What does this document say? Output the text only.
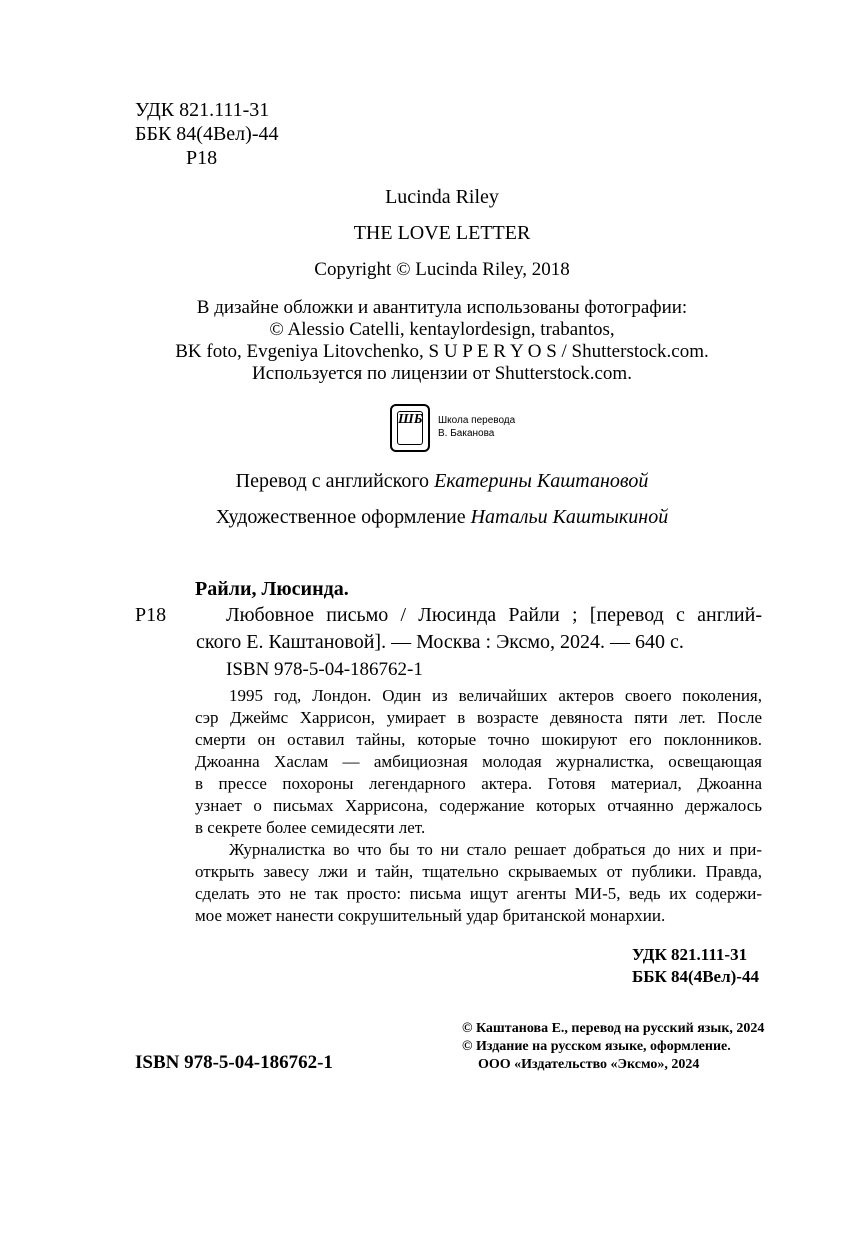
УДК 821.111-31
ББК 84(4Вел)-44
Р18
Lucinda Riley
THE LOVE LETTER
Copyright © Lucinda Riley, 2018
В дизайне обложки и авантитула использованы фотографии:
© Alessio Catelli, kentaylordesign, trabantos,
BK foto, Evgeniya Litovchenko, S U P E R Y O S / Shutterstock.com.
Используется по лицензии от Shutterstock.com.
ШБ Школа перевода
В. Баканова
Перевод с английского Екатерины Каштановой
Художественное оформление Натальи Каштыкиной
Райли, Люсинда.
Р18	Любовное письмо / Люсинда Райли ; [перевод с англий-
ского Е. Каштановой]. — Москва : Эксмо, 2024. — 640 с.
ISBN 978-5-04-186762-1
1995 год, Лондон. Один из величайших актеров своего поколения,
сэр Джеймс Харрисон, умирает в возрасте девяноста пяти лет. После
смерти он оставил тайны, которые точно шокируют его поклонников.
Джоанна Хаслам — амбициозная молодая журналистка, освещающая
в прессе похороны легендарного актера. Готовя материал, Джоанна
узнает о письмах Харрисона, содержание которых отчаянно держалось
в секрете более семидесяти лет.
Журналистка во что бы то ни стало решает добраться до них и при-
открыть завесу лжи и тайн, тщательно скрываемых от публики. Правда,
сделать это не так просто: письма ищут агенты МИ-5, ведь их содержи-
мое может нанести сокрушительный удар британской монархии.
УДК 821.111-31
ББК 84(4Вел)-44
ISBN 978-5-04-186762-1
© Каштанова Е., перевод на русский язык, 2024
© Издание на русском языке, оформление.
ООО «Издательство «Эксмо», 2024
